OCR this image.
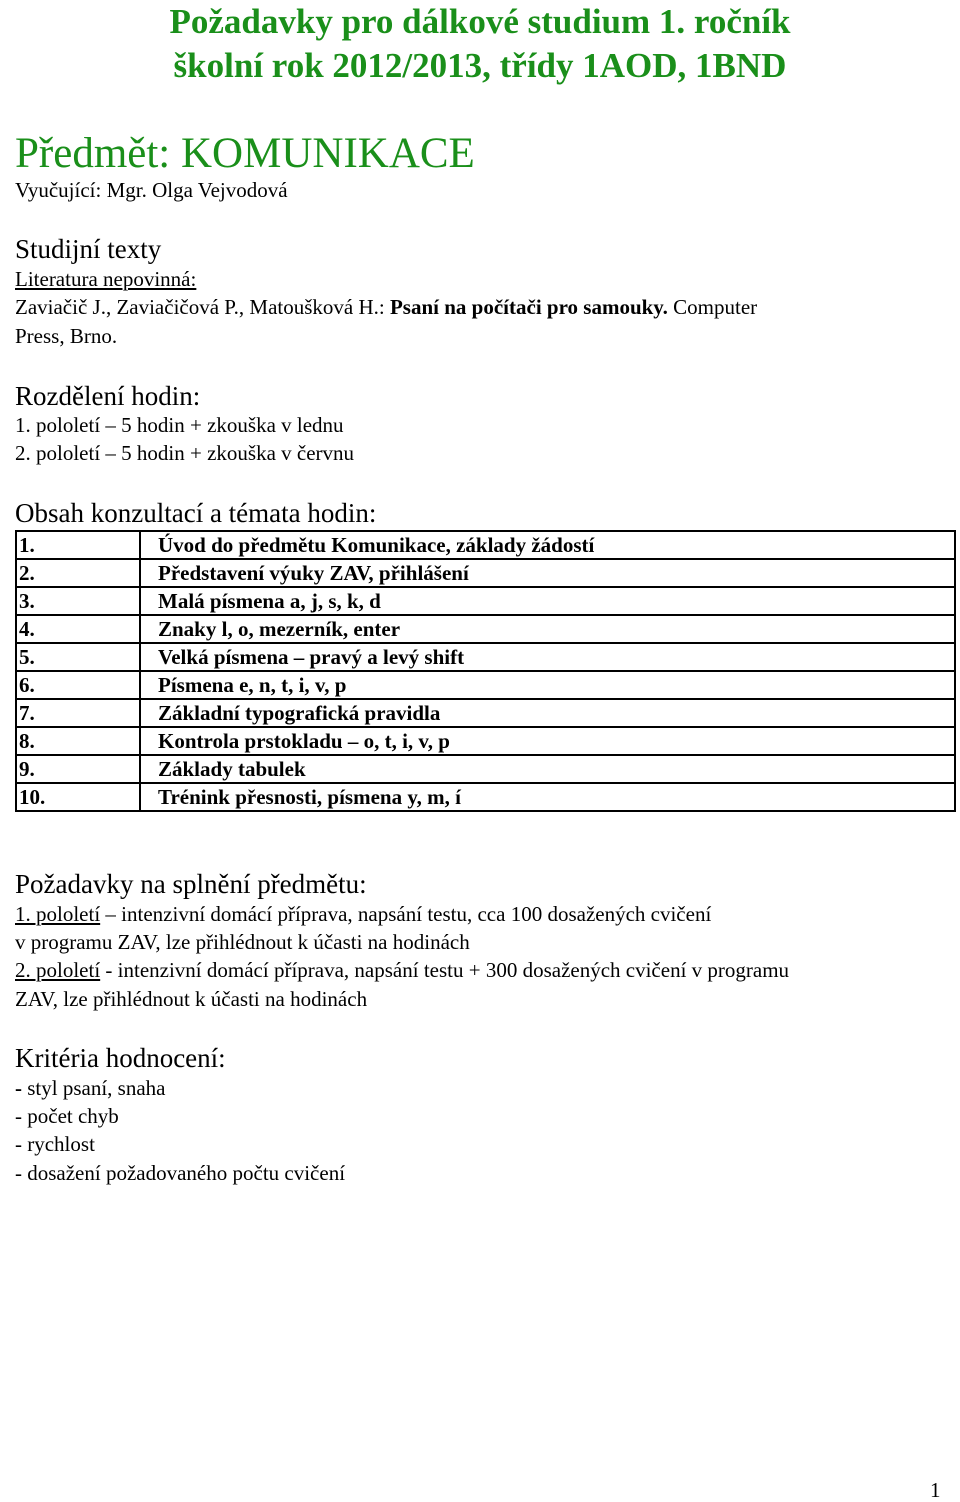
Požadavky pro dálkové studium 1. ročník
školní rok 2012/2013, třídy 1AOD, 1BND
Předmět: KOMUNIKACE
Vyučující: Mgr. Olga Vejvodová
Studijní texty
Literatura nepovinná:
Zaviačič J., Zaviačičová P., Matoušková H.: Psaní na počítači pro samouky. Computer
Press, Brno.
Rozdělení hodin:
1. pololetí – 5 hodin + zkouška v lednu
2. pololetí – 5 hodin + zkouška v červnu
Obsah konzultací a témata hodin:
1.	Úvod do předmětu Komunikace, základy žádostí
2.	Představení výuky ZAV, přihlášení
3.	Malá písmena a, j, s, k, d
4.	Znaky l, o, mezerník, enter
5.	Velká písmena – pravý a levý shift
6.	Písmena e, n, t, i, v, p
7.	Základní typografická pravidla
8.	Kontrola prstokladu – o, t, i, v, p
9.	Základy tabulek
10.	Trénink přesnosti, písmena y, m, í
Požadavky na splnění předmětu:
1. pololetí – intenzivní domácí příprava, napsání testu, cca 100 dosažených cvičení
v programu ZAV, lze přihlédnout k účasti na hodinách
2. pololetí - intenzivní domácí příprava, napsání testu + 300 dosažených cvičení v programu
ZAV, lze přihlédnout k účasti na hodinách
Kritéria hodnocení:
- styl psaní, snaha
- počet chyb
- rychlost
- dosažení požadovaného počtu cvičení
1
